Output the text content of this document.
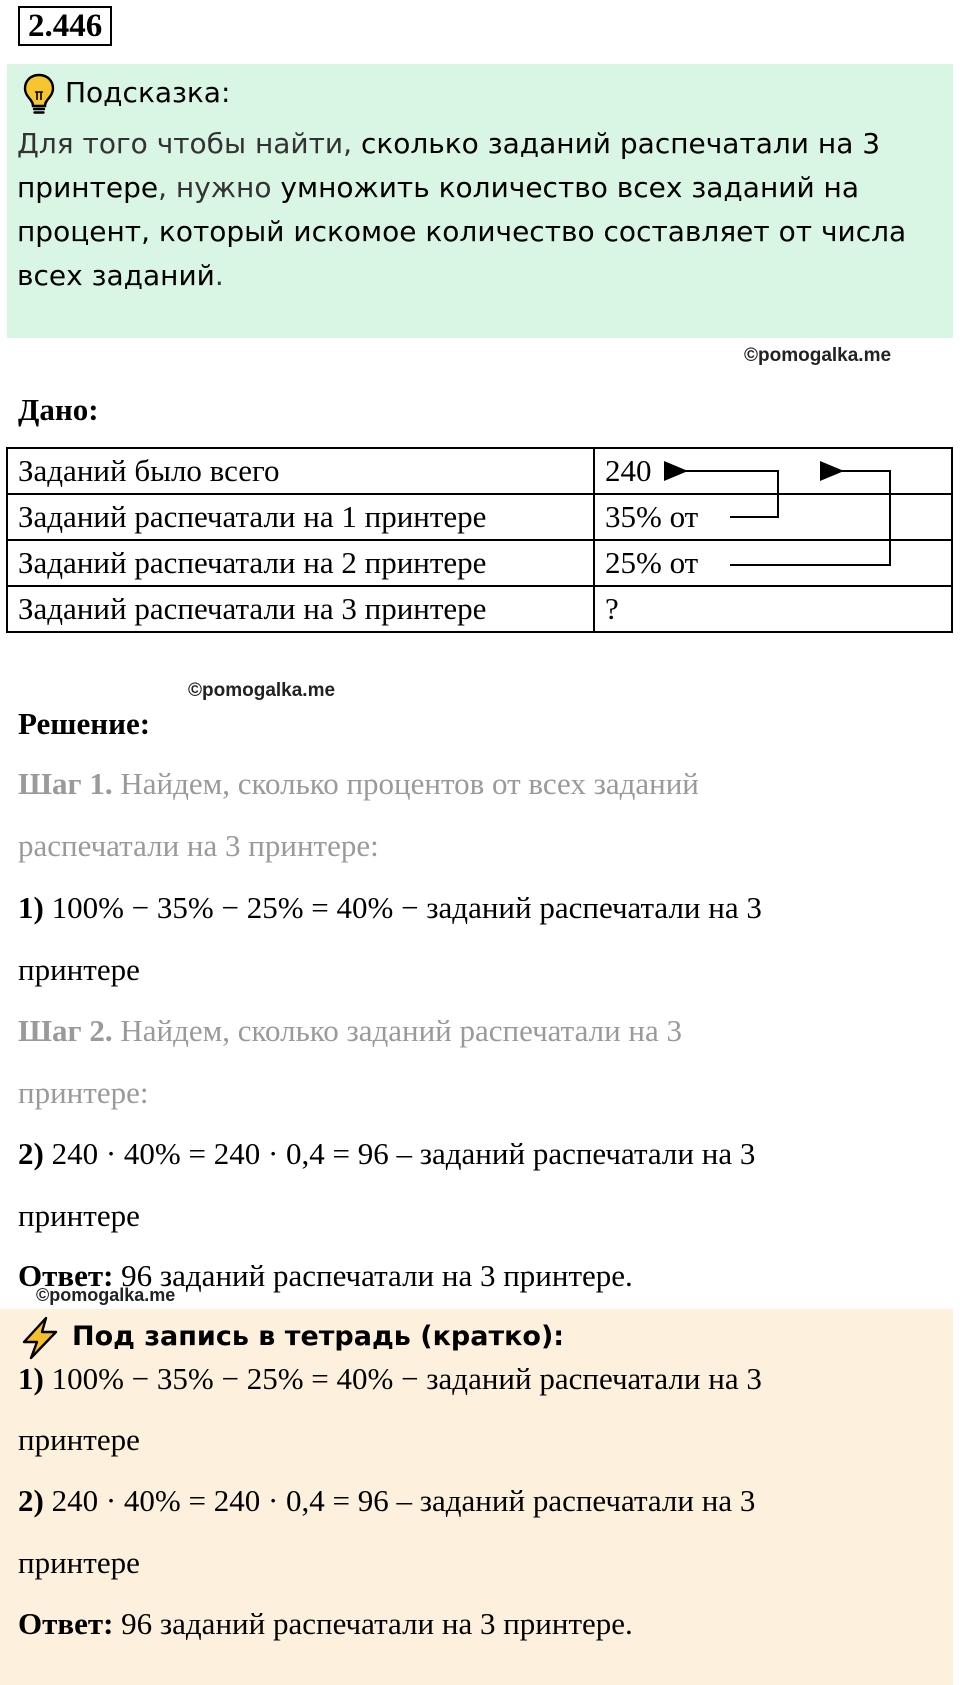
2.446
Подсказка:
Для того чтобы найти, сколько заданий распечатали на 3 принтере, нужно умножить количество всех заданий на процент, который искомое количество составляет от числа всех заданий.
©pomogalka.me
Дано:
Заданий было всего	240
Заданий распечатали на 1 принтере	35% от
Заданий распечатали на 2 принтере	25% от
Заданий распечатали на 3 принтере	?
©pomogalka.me
Решение:
Шаг 1. Найдем, сколько процентов от всех заданий
распечатали на 3 принтере:
1) 100% − 35% − 25% = 40% − заданий распечатали на 3
принтере
Шаг 2. Найдем, сколько заданий распечатали на 3
принтере:
2) 240 · 40% = 240 · 0,4 = 96 – заданий распечатали на 3
принтере
Ответ: 96 заданий распечатали на 3 принтере.
©pomogalka.me
Под запись в тетрадь (кратко):
1) 100% − 35% − 25% = 40% − заданий распечатали на 3
принтере
2) 240 · 40% = 240 · 0,4 = 96 – заданий распечатали на 3
принтере
Ответ: 96 заданий распечатали на 3 принтере.
